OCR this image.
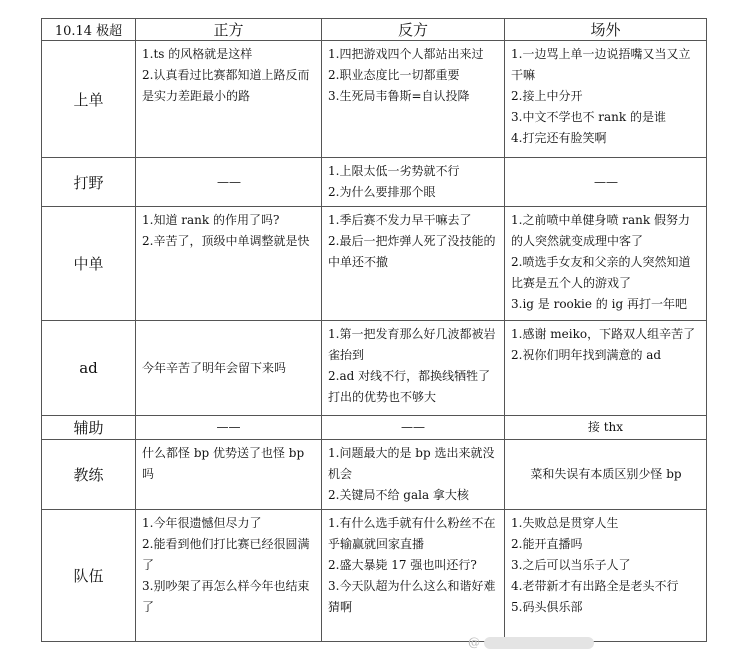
10.14 极超	正方	反方	场外
上单	1.ts 的风格就是这样
2.认真看过比赛都知道上路反而是实力差距最小的路	1.四把游戏四个人都站出来过
2.职业态度比一切都重要
3.生死局韦鲁斯=自认投降	1.一边骂上单一边说捂嘴又当又立干嘛
2.接上中分开
3.中文不学也不 rank 的是谁
4.打完还有脸笑啊

打野	——	1.上限太低一劣势就不行
2.为什么要排那个眼	——
中单	1.知道 rank 的作用了吗?
2.辛苦了，顶级中单调整就是快	1.季后赛不发力早干嘛去了
2.最后一把炸弹人死了没技能的中单还不撤	1.之前喷中单健身喷 rank 假努力的人突然就变成理中客了
2.喷选手女友和父亲的人突然知道比赛是五个人的游戏了
3.ig 是 rookie 的 ig 再打一年吧

ad	今年辛苦了明年会留下来吗	1.第一把发育那么好几波都被岩雀抬到
2.ad 对线不行，都换线牺牲了打出的优势也不够大	1.感谢 meiko，下路双人组辛苦了
2.祝你们明年找到满意的 ad

辅助	——	——	接 thx
教练	什么都怪 bp 优势送了也怪 bp 吗	1.问题最大的是 bp 选出来就没机会
2.关键局不给 gala 拿大核	菜和失误有本质区别少怪 bp
队伍	1.今年很遗憾但尽力了
2.能看到他们打比赛已经很圆满了
3.别吵架了再怎么样今年也结束了	1.有什么选手就有什么粉丝不在乎输赢就回家直播
2.盛大暴毙 17 强也叫还行?
3.今天队超为什么这么和谐好难猜啊	1.失败总是贯穿人生
2.能开直播吗
3.之后可以当乐子人了
4.老带新才有出路全是老头不行
5.码头俱乐部
@
